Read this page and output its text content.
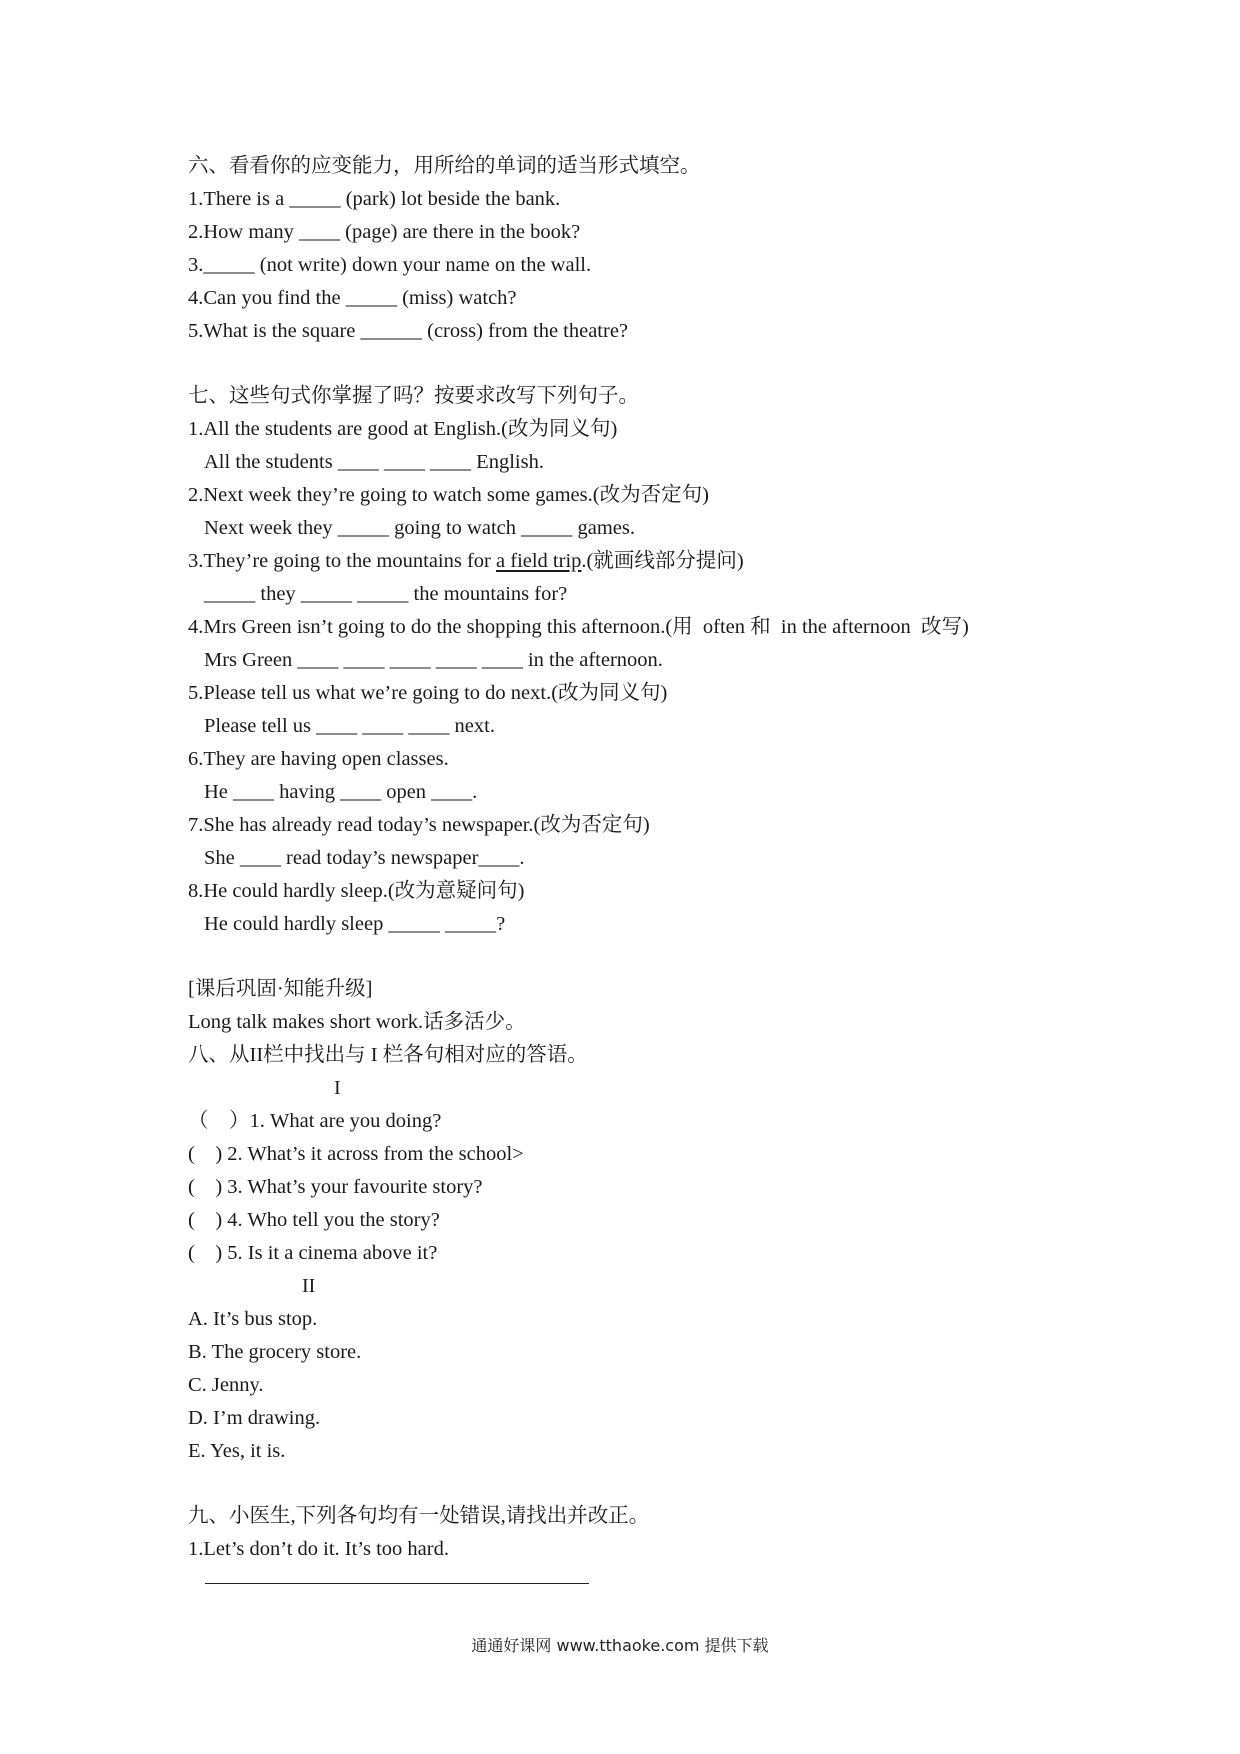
六、看看你的应变能力，用所给的单词的适当形式填空。
1.There is a _____ (park) lot beside the bank.
2.How many ____ (page) are there in the book?
3._____ (not write) down your name on the wall.
4.Can you find the _____ (miss) watch?
5.What is the square ______ (cross) from the theatre?
七、这些句式你掌握了吗？按要求改写下列句子。
1.All the students are good at English.(改为同义句)
All the students ____ ____ ____ English.
2.Next week they’re going to watch some games.(改为否定句)
Next week they _____ going to watch _____ games.
3.They’re going to the mountains for a field trip.(就画线部分提问)
_____ they _____ _____ the mountains for?
4.Mrs Green isn’t going to do the shopping this afternoon.(用  often 和  in the afternoon  改写)
Mrs Green ____ ____ ____ ____ ____ in the afternoon.
5.Please tell us what we’re going to do next.(改为同义句)
Please tell us ____ ____ ____ next.
6.They are having open classes.
He ____ having ____ open ____.
7.She has already read today’s newspaper.(改为否定句)
She ____ read today’s newspaper____.
8.He could hardly sleep.(改为意疑问句)
He could hardly sleep _____ _____?
[课后巩固·知能升级]
Long talk makes short work.话多活少。
八、从II栏中找出与 I 栏各句相对应的答语。
I
（    ）1. What are you doing?
(    ) 2. What’s it across from the school>
(    ) 3. What’s your favourite story?
(    ) 4. Who tell you the story?
(    ) 5. Is it a cinema above it?
II
A. It’s bus stop.
B. The grocery store.
C. Jenny.
D. I’m drawing.
E. Yes, it is.
九、小医生,下列各句均有一处错误,请找出并改正。
1.Let’s don’t do it. It’s too hard.
通通好课网 www.tthaoke.com 提供下载
